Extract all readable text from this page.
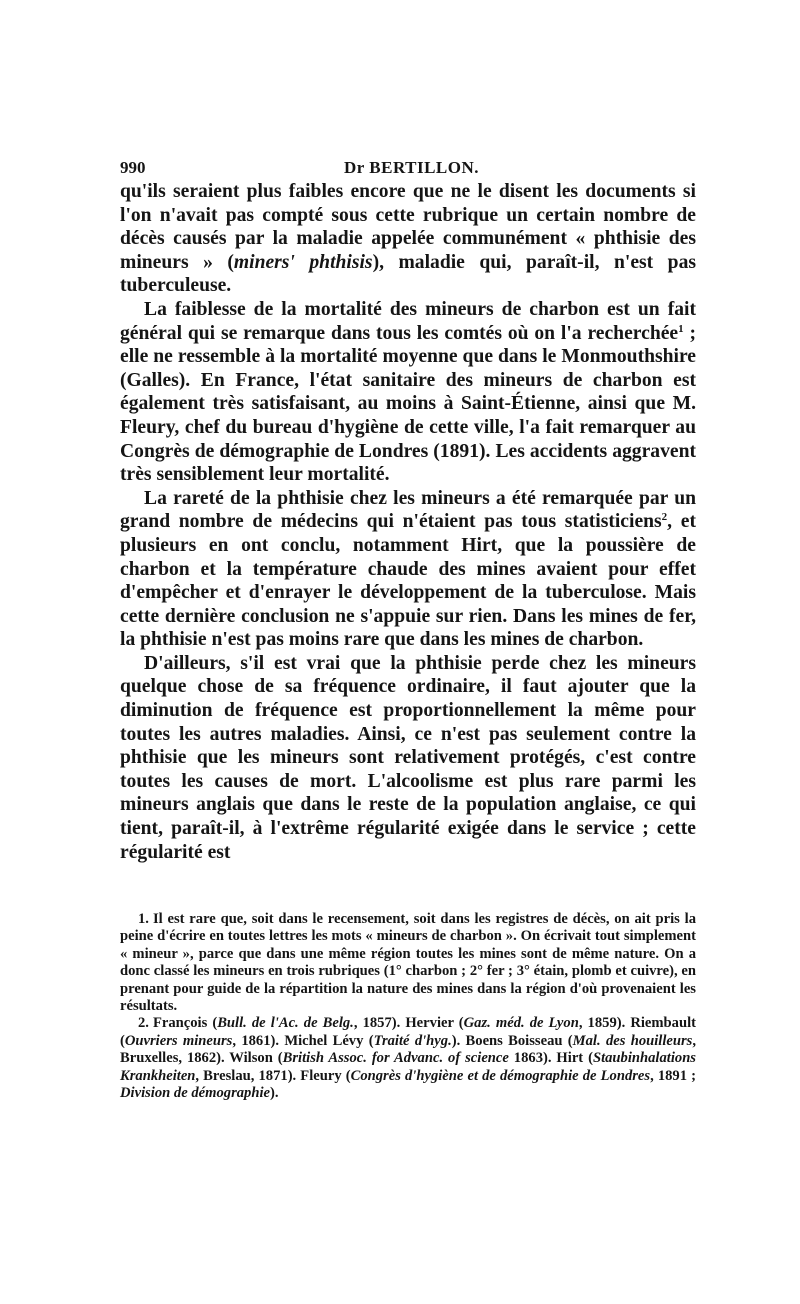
990	Dr BERTILLON.

qu'ils seraient plus faibles encore que ne le disent les documents si l'on n'avait pas compté sous cette rubrique un certain nombre de décès causés par la maladie appelée communément « phthisie des mineurs » (miners' phthisis), maladie qui, paraît-il, n'est pas tuberculeuse.

La faiblesse de la mortalité des mineurs de charbon est un fait général qui se remarque dans tous les comtés où on l'a recherchée$^1$ ; elle ne ressemble à la mortalité moyenne que dans le Monmouthshire (Galles). En France, l'état sanitaire des mineurs de charbon est également très satisfaisant, au moins à Saint-Étienne, ainsi que M. Fleury, chef du bureau d'hygiène de cette ville, l'a fait remarquer au Congrès de démographie de Londres (1891). Les accidents aggravent très sensiblement leur mortalité.

La rareté de la phthisie chez les mineurs a été remarquée par un grand nombre de médecins qui n'étaient pas tous statisticiens$^2$, et plusieurs en ont conclu, notamment Hirt, que la poussière de charbon et la température chaude des mines avaient pour effet d'empêcher et d'enrayer le développement de la tuberculose. Mais cette dernière conclusion ne s'appuie sur rien. Dans les mines de fer, la phthisie n'est pas moins rare que dans les mines de charbon.

D'ailleurs, s'il est vrai que la phthisie perde chez les mineurs quelque chose de sa fréquence ordinaire, il faut ajouter que la diminution de fréquence est proportionnellement la même pour toutes les autres maladies. Ainsi, ce n'est pas seulement contre la phthisie que les mineurs sont relativement protégés, c'est contre toutes les causes de mort. L'alcoolisme est plus rare parmi les mineurs anglais que dans le reste de la population anglaise, ce qui tient, paraît-il, à l'extrême régularité exigée dans le service ; cette régularité est

1. Il est rare que, soit dans le recensement, soit dans les registres de décès, on ait pris la peine d'écrire en toutes lettres les mots « mineurs de charbon ». On écrivait tout simplement « mineur », parce que dans une même région toutes les mines sont de même nature. On a donc classé les mineurs en trois rubriques (1° charbon ; 2° fer ; 3° étain, plomb et cuivre), en prenant pour guide de la répartition la nature des mines dans la région d'où provenaient les résultats.

2. François (Bull. de l'Ac. de Belg., 1857). Hervier (Gaz. méd. de Lyon, 1859). Riembault (Ouvriers mineurs, 1861). Michel Lévy (Traité d'hyg.). Boens Boisseau (Mal. des houilleurs, Bruxelles, 1862). Wilson (British Assoc. for Advanc. of science 1863). Hirt (Staubinhalations Krankheiten, Breslau, 1871). Fleury (Congrès d'hygiène et de démographie de Londres, 1891 ; Division de démographie).
